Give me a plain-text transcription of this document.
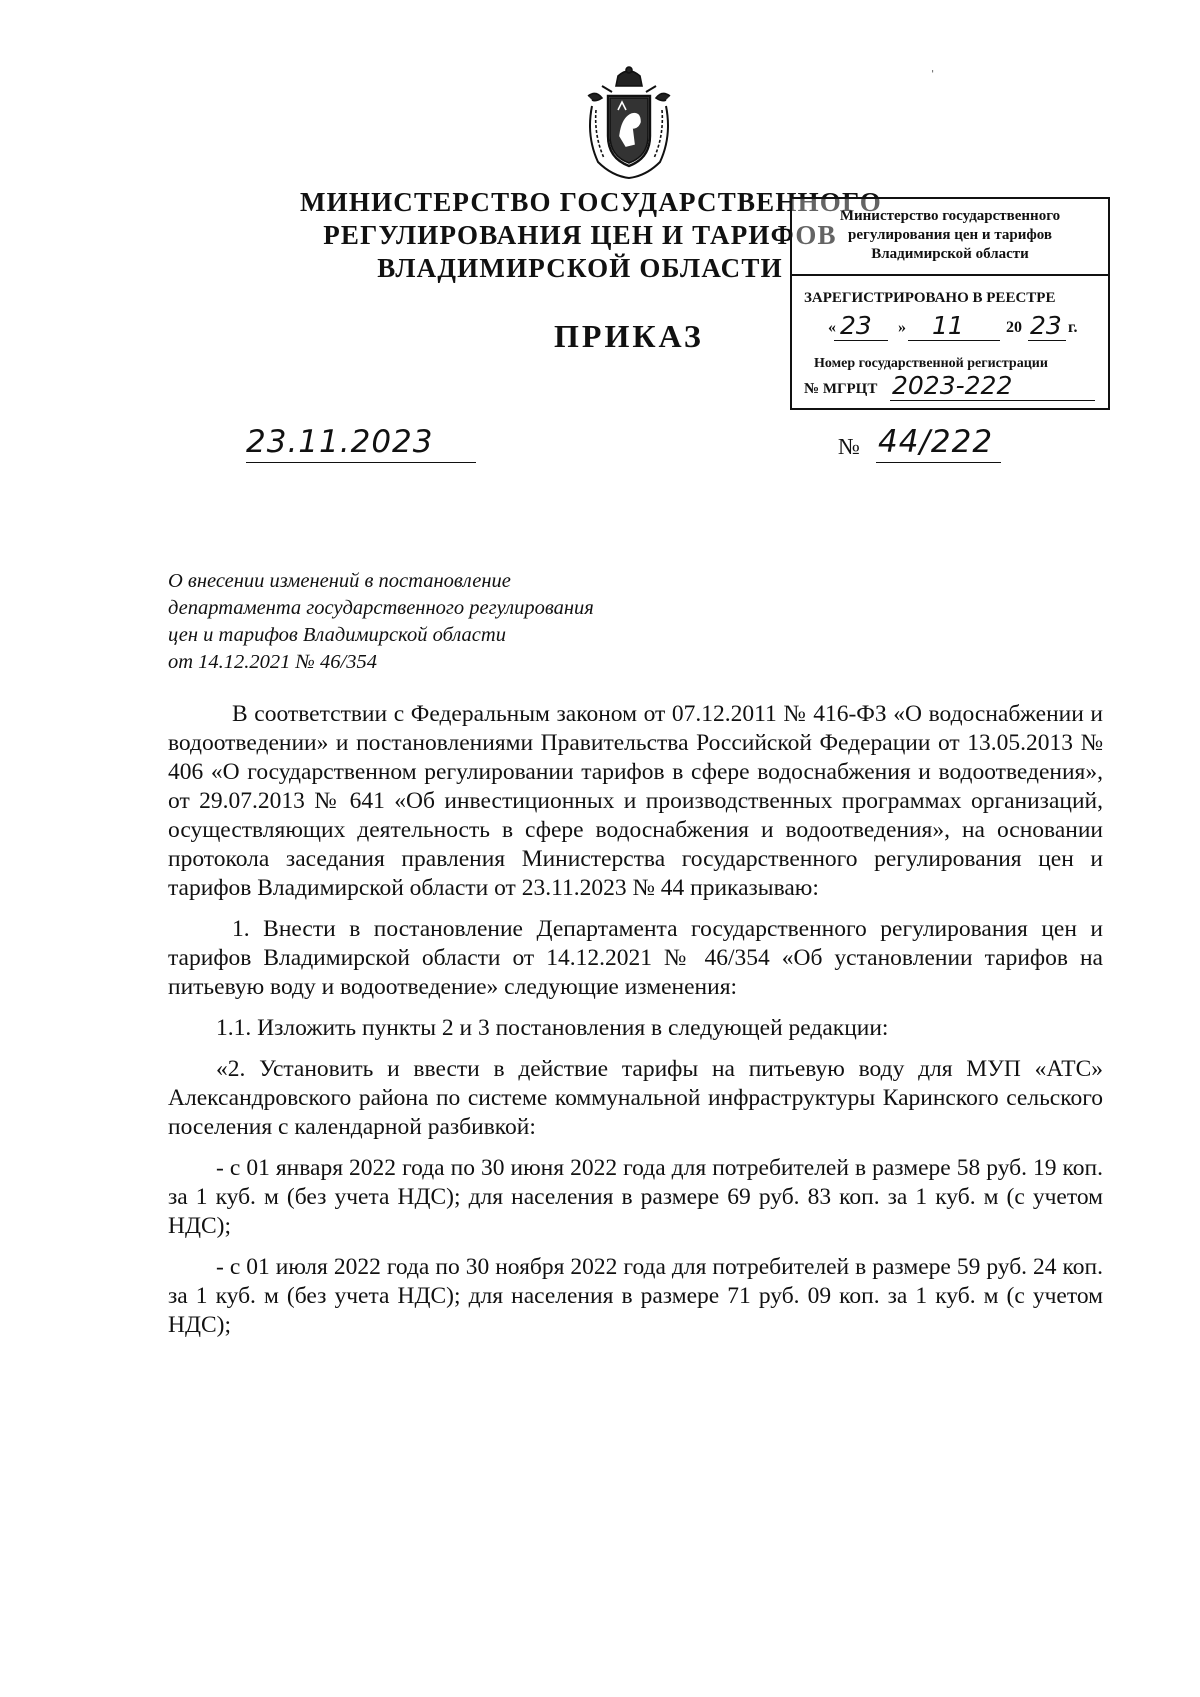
МИНИСТЕРСТВО ГОСУДАРСТВЕННОГО
РЕГУЛИРОВАНИЯ ЦЕН И ТАРИФОВ
ВЛАДИМИРСКОЙ ОБЛАСТИ
Министерство государственного
регулирования цен и тарифов
Владимирской области
ЗАРЕГИСТРИРОВАНО В РЕЕСТРЕ
« 23 » 11	20 23 г.
Номер государственной регистрации
№ МГРЦТ 2023-222
ПРИКАЗ
23.11.2023	№ 44/222
О внесении изменений в постановление
департамента государственного регулирования
цен и тарифов Владимирской области
от 14.12.2021 № 46/354

В соответствии с Федеральным законом от 07.12.2011 № 416-ФЗ «О водоснабжении и водоотведении» и постановлениями Правительства Российской Федерации от 13.05.2013 № 406 «О государственном регулировании тарифов в сфере водоснабжения и водоотведения», от 29.07.2013 № 641 «Об инвестиционных и производственных программах организаций, осуществляющих деятельность в сфере водоснабжения и водоотведения», на основании протокола заседания правления Министерства государственного регулирования цен и тарифов Владимирской области от 23.11.2023 № 44 приказываю:

1. Внести в постановление Департамента государственного регулирования цен и тарифов Владимирской области от 14.12.2021 № 46/354 «Об установлении тарифов на питьевую воду и водоотведение» следующие изменения:

1.1. Изложить пункты 2 и 3 постановления в следующей редакции:

«2. Установить и ввести в действие тарифы на питьевую воду для МУП «АТС» Александровского района по системе коммунальной инфраструктуры Каринского сельского поселения с календарной разбивкой:

- с 01 января 2022 года по 30 июня 2022 года для потребителей в размере 58 руб. 19 коп. за 1 куб. м (без учета НДС); для населения в размере 69 руб. 83 коп. за 1 куб. м (с учетом НДС);

- с 01 июля 2022 года по 30 ноября 2022 года для потребителей в размере 59 руб. 24 коп. за 1 куб. м (без учета НДС); для населения в размере 71 руб. 09 коп. за 1 куб. м (с учетом НДС);

ˌ
